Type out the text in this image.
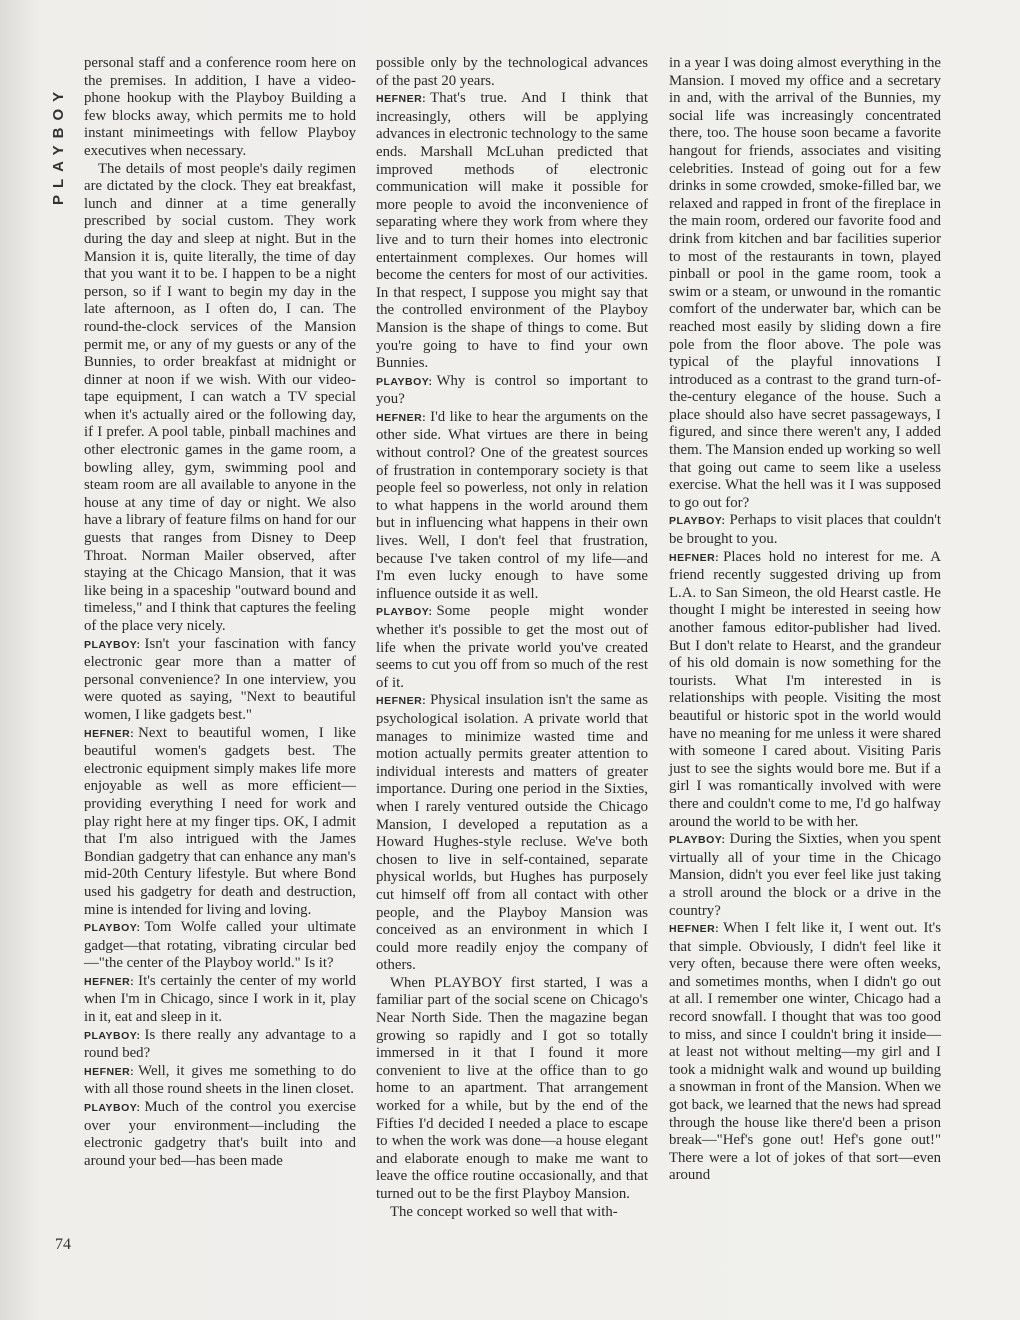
PLAYBOY
74

personal staff and a conference room here on the premises. In addition, I have a video-phone hookup with the Playboy Building a few blocks away, which permits me to hold instant minimeetings with fellow Playboy executives when necessary.

The details of most people's daily regimen are dictated by the clock. They eat breakfast, lunch and dinner at a time generally prescribed by social custom. They work during the day and sleep at night. But in the Mansion it is, quite literally, the time of day that you want it to be. I happen to be a night person, so if I want to begin my day in the late afternoon, as I often do, I can. The round-the-clock services of the Mansion permit me, or any of my guests or any of the Bunnies, to order breakfast at midnight or dinner at noon if we wish. With our video-tape equipment, I can watch a TV special when it's actually aired or the following day, if I prefer. A pool table, pinball machines and other electronic games in the game room, a bowling alley, gym, swimming pool and steam room are all available to anyone in the house at any time of day or night. We also have a library of feature films on hand for our guests that ranges from Disney to Deep Throat. Norman Mailer observed, after staying at the Chicago Mansion, that it was like being in a spaceship "outward bound and timeless," and I think that captures the feeling of the place very nicely.

PLAYBOY: Isn't your fascination with fancy electronic gear more than a matter of personal convenience? In one interview, you were quoted as saying, "Next to beautiful women, I like gadgets best."

HEFNER: Next to beautiful women, I like beautiful women's gadgets best. The electronic equipment simply makes life more enjoyable as well as more efficient—providing everything I need for work and play right here at my finger tips. OK, I admit that I'm also intrigued with the James Bondian gadgetry that can enhance any man's mid-20th Century lifestyle. But where Bond used his gadgetry for death and destruction, mine is intended for living and loving.

PLAYBOY: Tom Wolfe called your ultimate gadget—that rotating, vibrating circular bed—"the center of the Playboy world." Is it?

HEFNER: It's certainly the center of my world when I'm in Chicago, since I work in it, play in it, eat and sleep in it.

PLAYBOY: Is there really any advantage to a round bed?

HEFNER: Well, it gives me something to do with all those round sheets in the linen closet.

PLAYBOY: Much of the control you exercise over your environment—including the electronic gadgetry that's built into and around your bed—has been made

possible only by the technological advances of the past 20 years.

HEFNER: That's true. And I think that increasingly, others will be applying advances in electronic technology to the same ends. Marshall McLuhan predicted that improved methods of electronic communication will make it possible for more people to avoid the inconvenience of separating where they work from where they live and to turn their homes into electronic entertainment complexes. Our homes will become the centers for most of our activities. In that respect, I suppose you might say that the controlled environment of the Playboy Mansion is the shape of things to come. But you're going to have to find your own Bunnies.

PLAYBOY: Why is control so important to you?

HEFNER: I'd like to hear the arguments on the other side. What virtues are there in being without control? One of the greatest sources of frustration in contemporary society is that people feel so powerless, not only in relation to what happens in the world around them but in influencing what happens in their own lives. Well, I don't feel that frustration, because I've taken control of my life—and I'm even lucky enough to have some influence outside it as well.

PLAYBOY: Some people might wonder whether it's possible to get the most out of life when the private world you've created seems to cut you off from so much of the rest of it.

HEFNER: Physical insulation isn't the same as psychological isolation. A private world that manages to minimize wasted time and motion actually permits greater attention to individual interests and matters of greater importance. During one period in the Sixties, when I rarely ventured outside the Chicago Mansion, I developed a reputation as a Howard Hughes-style recluse. We've both chosen to live in self-contained, separate physical worlds, but Hughes has purposely cut himself off from all contact with other people, and the Playboy Mansion was conceived as an environment in which I could more readily enjoy the company of others.

When PLAYBOY first started, I was a familiar part of the social scene on Chicago's Near North Side. Then the magazine began growing so rapidly and I got so totally immersed in it that I found it more convenient to live at the office than to go home to an apartment. That arrangement worked for a while, but by the end of the Fifties I'd decided I needed a place to escape to when the work was done—a house elegant and elaborate enough to make me want to leave the office routine occasionally, and that turned out to be the first Playboy Mansion.

The concept worked so well that with-

in a year I was doing almost everything in the Mansion. I moved my office and a secretary in and, with the arrival of the Bunnies, my social life was increasingly concentrated there, too. The house soon became a favorite hangout for friends, associates and visiting celebrities. Instead of going out for a few drinks in some crowded, smoke-filled bar, we relaxed and rapped in front of the fireplace in the main room, ordered our favorite food and drink from kitchen and bar facilities superior to most of the restaurants in town, played pinball or pool in the game room, took a swim or a steam, or unwound in the romantic comfort of the underwater bar, which can be reached most easily by sliding down a fire pole from the floor above. The pole was typical of the playful innovations I introduced as a contrast to the grand turn-of-the-century elegance of the house. Such a place should also have secret passageways, I figured, and since there weren't any, I added them. The Mansion ended up working so well that going out came to seem like a useless exercise. What the hell was it I was supposed to go out for?

PLAYBOY: Perhaps to visit places that couldn't be brought to you.

HEFNER: Places hold no interest for me. A friend recently suggested driving up from L.A. to San Simeon, the old Hearst castle. He thought I might be interested in seeing how another famous editor-publisher had lived. But I don't relate to Hearst, and the grandeur of his old domain is now something for the tourists. What I'm interested in is relationships with people. Visiting the most beautiful or historic spot in the world would have no meaning for me unless it were shared with someone I cared about. Visiting Paris just to see the sights would bore me. But if a girl I was romantically involved with were there and couldn't come to me, I'd go halfway around the world to be with her.

PLAYBOY: During the Sixties, when you spent virtually all of your time in the Chicago Mansion, didn't you ever feel like just taking a stroll around the block or a drive in the country?

HEFNER: When I felt like it, I went out. It's that simple. Obviously, I didn't feel like it very often, because there were often weeks, and sometimes months, when I didn't go out at all. I remember one winter, Chicago had a record snowfall. I thought that was too good to miss, and since I couldn't bring it inside—at least not without melting—my girl and I took a midnight walk and wound up building a snowman in front of the Mansion. When we got back, we learned that the news had spread through the house like there'd been a prison break—"Hef's gone out! Hef's gone out!" There were a lot of jokes of that sort—even around
